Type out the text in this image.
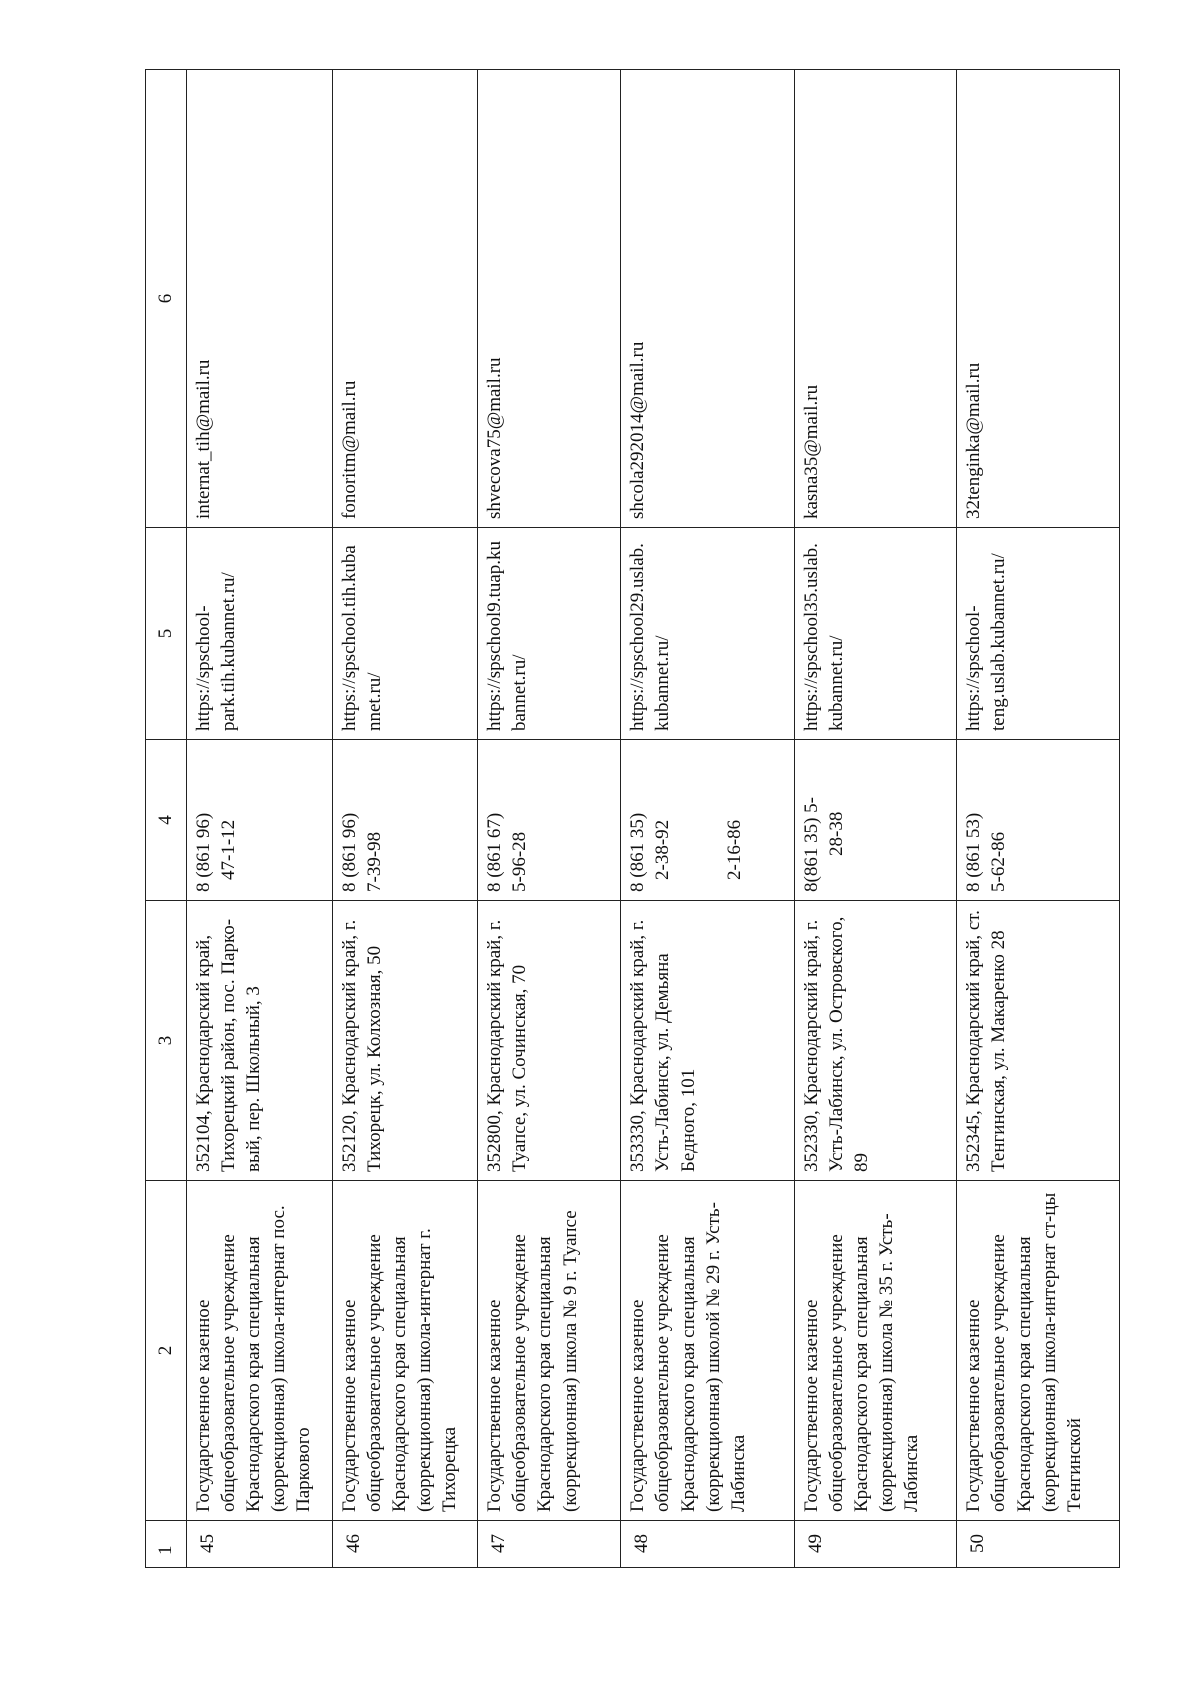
1	2	3	4	5	6
45	Государственное казенное общеобразовательное учреждение Краснодарского края специальная (коррекционная) школа-интернат пос. Паркового	352104, Краснодарский край, Тихорецкий район, пос. Парко-вый, пер. Школьный, 3	8 (861 96) 47-1-12	https://spschool-park.tih.kubannet.ru/	internat_tih@mail.ru
46	Государственное казенное общеобразовательное учреждение Краснодарского края специальная (коррекционная) школа-интернат г. Тихорецка	352120, Краснодарский край, г. Тихорецк, ул. Колхозная, 50	8 (861 96) 7-39-98	https://spschool.tih.kubannet.ru/	fonoritm@mail.ru
47	Государственное казенное общеобразовательное учреждение Краснодарского края специальная (коррекционная) школа № 9 г. Туапсе	352800, Краснодарский край, г. Туапсе, ул. Сочинская, 70	8 (861 67) 5-96-28	https://spschool9.tuap.kubannet.ru/	shvecova75@mail.ru
48	Государственное казенное общеобразовательное учреждение Краснодарского края специальная (коррекционная) школой № 29 г. Усть-Лабинска	353330, Краснодарский край, г. Усть-Лабинск, ул. Демьяна Бедного, 101	8 (861 35) 2-38-92 2-16-86	https://spschool29.uslab.kubannet.ru/	shcola292014@mail.ru
49	Государственное казенное общеобразовательное учреждение Краснодарского края специальная (коррекционная) школа № 35 г. Усть-Лабинска	352330, Краснодарский край, г. Усть-Лабинск, ул. Островского, 89	8(861 35) 5- 28-38	https://spschool35.uslab.kubannet.ru/	kasna35@mail.ru
50	Государственное казенное общеобразовательное учреждение Краснодарского края специальная (коррекционная) школа-интернат ст-цы Тенгинской	352345, Краснодарский край, ст. Тенгинская, ул. Макаренко 28	8 (861 53) 5-62-86	https://spschool-teng.uslab.kubannet.ru/	32tenginka@mail.ru
